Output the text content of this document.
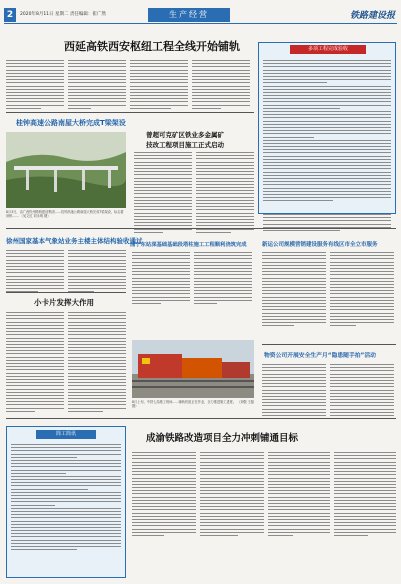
2	2020年8月11日 星期二 责任编辑：崔广然	生产经营	铁路建设报
西延高铁西安枢纽工程全线开始铺轨	多项工程完成验收
桂钟高速公路南屋大桥完成T梁架设
8月3日，由广西钦州路桥建设集团……桂钟高速公路南屋大桥完成T梁架设，标志着该桥…… （吴文红 刘永明 摄）
曾超可克矿区铁业多金属矿
技改工程项目施工正式启动
徐州国家基本气象站业务主楼主体结构验收通过
浦宁东站深基础基础段塔柱施工工程顺利浇筑完成	新运公司规模营销建设服务有线区市全立市服务
小卡片发挥大作用
8月上旬，中铁七局施工现场……铺轨机组正在作业，全力推进施工进度。 （刘强 王磊 摄）
物资公司开展安全生产月“隐患随手拍”活动
简工简讯	成渝铁路改造项目全力冲刺铺通目标
